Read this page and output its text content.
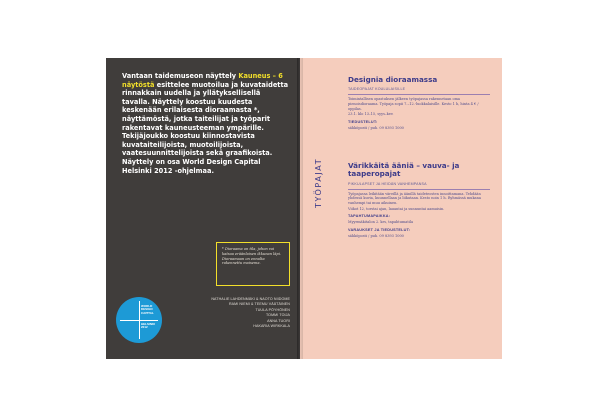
Vantaan taidemuseon näyttely Kauneus – 6 näytöstä esittelee muotoilua ja kuvataidetta rinnakkain uudella ja yllätyksellisellä tavalla. Näyttely koostuu kuudesta keskenään erilaisesta dioraamasta *, näyttämöstä, jotka taiteilijat ja työparit rakentavat kauneusteeman ympärille. Tekijäjoukko koostuu kiinnostavista kuvataiteilijoista, muotoilijoista, vaatesuunnittelijoista sekä graafikoista. Näyttely on osa World Design Capital Helsinki 2012 -ohjelmaa.
* Dioraama on tila, johon voi katsoa eräänlaisen ikkunan läpi. Dioraamaan on ennalta rakennettu maisema.
WORLD
DESIGN
CAPITAL
HELSINKI
2012
NATHALIE LAHDENMÄKI & NAOTO NIIDOME
RAMI NIEMI & TEEMU VÄÄTÄINEN
TUULA PÖYHÖNEN
TOMMI TOIJA
ANNA TUORI
HAKARIA WIRKKALA
TYÖPAJAT
Designia dioraamassa
TAIDEOPAJAT KOULULAISILLE

Toimintallisen opastuksen jälkeen työpajassa rakennetaan oma pienoisdioraama. Työpaja sopii 7.–12.-luokkalaisille. Kesto 1 h, hinta 4 € / oppilas.

23.1. klo 13–15, syys–kev.

TIEDUSTELUT:

sähköposti / puh. 09 8393 1000

Värikkäitä ääniä – vauva- ja taaperopajat
PIKKULAPSET JA HEIDÄN VANHEMPANSA

Työpajassa leikitään väreillä ja äänillä taideteosten innoittamana. Tehdään yhdessä kuvia, kuunnellaan ja liikutaan. Kesto noin 1 h. Ryhmässä mukana vanhempi tai muu aikuinen.

Viikot 12, torstai ajan, lauantai ja sunnuntai aamuisin.

TAPAHTUMAPAIKKA:

Myyrmäkitalon 2. krs, tapahtumatila

VARAUKSET JA TIEDUSTELUT:

sähköposti / puh. 09 8393 1000
